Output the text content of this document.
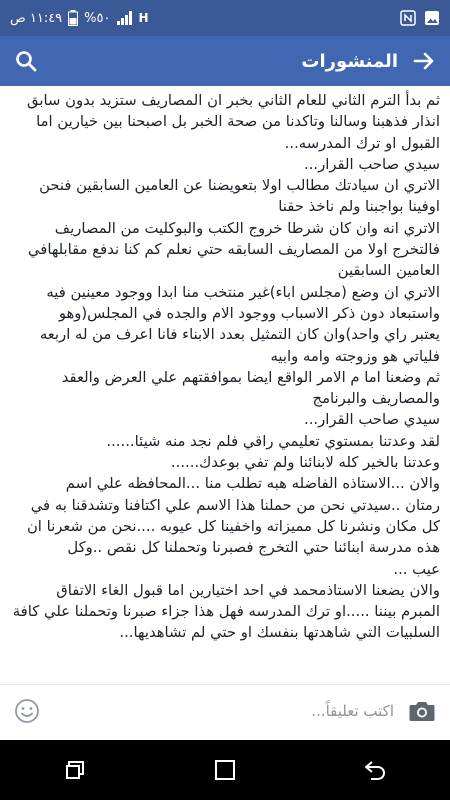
١١:٤٩ ص %٥٠ H
المنشورات

ثم بدأ الترم الثاني للعام الثاني بخبر ان المصاريف ستزيد بدون سابق

انذار فذهبنا وسالنا وتاكدنا من صحة الخبر بل اصبحنا بين خيارين اما

القبول او ترك المدرسه...

سيدي صاحب القرار...

الاتري ان سيادتك مطالب اولا بتعويضنا عن العامين السابقين فنحن

اوفينا بواجبنا ولم ناخذ حقنا

الاتري انه وان كان شرطا خروج الكتب والبوكليت من المصاريف

فالتخرج اولا من المصاريف السابقه حتي نعلم كم كنا ندفع مقابلهافي

العامين السابقين

الاتري ان وضع (مجلس اباء)غير منتخب منا ابدا ووجود معينين فيه

واستبعاد دون ذكر الاسباب ووجود الام والجده في المجلس(وهو

يعتبر راي واحد)وان كان التمثيل بعدد الابناء فانا اعرف من له اربعه

فلياتي هو وزوجته وامه وابيه

ثم وضعنا اما م الامر الواقع ايضا بموافقتهم علي العرض والعقد

والمصاريف والبرنامج

سيدي صاحب القرار...

لقد وعدتنا بمستوي تعليمي راقي فلم نجد منه شيئا......

وعدتنا بالخير كله لابنائنا ولم تفي بوعدك......

والان ...الاستاذه الفاضله هبه تطلب منا ...المحافظه علي اسم

رمتان ..سيدتي نحن من حملنا هذا الاسم علي اكتافنا وتشدقنا به في

كل مكان ونشرنا كل مميزاته واخفينا كل عيوبه ....نحن من شعرنا ان

هذه مدرسة ابنائنا حتي التخرج فصبرنا وتحملنا كل نقص ..وكل

عيب ...

والان يضعنا الاستاذمحمد في احد اختيارين اما قبول الغاء الاتفاق

المبرم بيننا .....او ترك المدرسه فهل هذا جزاء صبرنا وتحملنا علي كافة

السلبيات التي شاهدتها بنفسك او حتي لم تشاهديها...

اكتب تعليقاً...
